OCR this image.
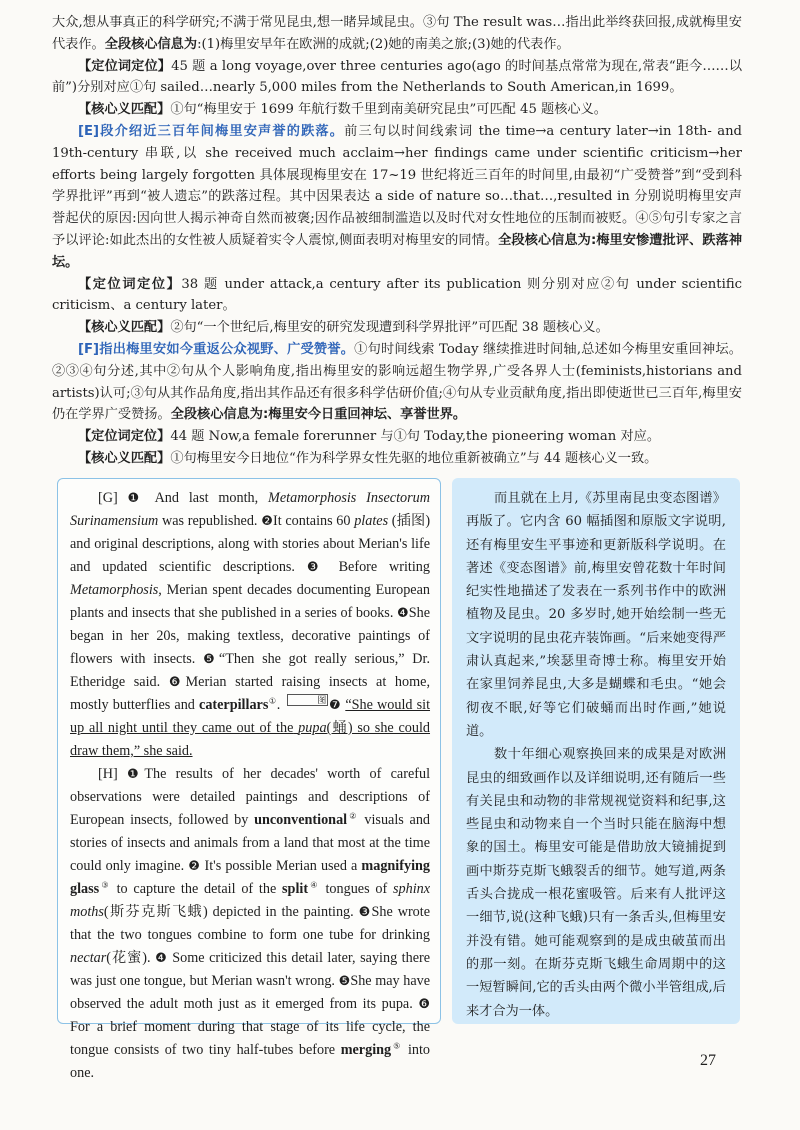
大众,想从事真正的科学研究;不满于常见昆虫,想一睹异域昆虫。③句 The result was…指出此举终获回报,成就梅里安代表作。全段核心信息为:(1)梅里安早年在欧洲的成就;(2)她的南美之旅;(3)她的代表作。

【定位词定位】45 题 a long voyage,over three centuries ago(ago 的时间基点常常为现在,常表“距今……以前”)分别对应①句 sailed…nearly 5,000 miles from the Netherlands to South American,in 1699。

【核心义匹配】①句“梅里安于 1699 年航行数千里到南美研究昆虫”可匹配 45 题核心义。

[E]段介绍近三百年间梅里安声誉的跌落。前三句以时间线索词 the time→a century later→in 18th- and 19th-century 串联,以 she received much acclaim→her findings came under scientific criticism→her efforts being largely forgotten 具体展现梅里安在 17~19 世纪将近三百年的时间里,由最初“广受赞誉”到“受到科学界批评”再到“被人遗忘”的跌落过程。其中因果表达 a side of nature so…that…,resulted in 分别说明梅里安声誉起伏的原因:因向世人揭示神奇自然而被褒;因作品被细制滥造以及时代对女性地位的压制而被贬。④⑤句引专家之言予以评论:如此杰出的女性被人质疑着实令人震惊,侧面表明对梅里安的同情。全段核心信息为:梅里安惨遭批评、跌落神坛。

【定位词定位】38 题 under attack,a century after its publication 则分别对应②句 under scientific criticism、a century later。

【核心义匹配】②句“一个世纪后,梅里安的研究发现遭到科学界批评”可匹配 38 题核心义。

[F]指出梅里安如今重返公众视野、广受赞誉。①句时间线索 Today 继续推进时间轴,总述如今梅里安重回神坛。②③④句分述,其中②句从个人影响角度,指出梅里安的影响远超生物学界,广受各界人士(feminists,historians and artists)认可;③句从其作品角度,指出其作品还有很多科学估研价值;④句从专业贡献角度,指出即使逝世已三百年,梅里安仍在学界广受赞扬。全段核心信息为:梅里安今日重回神坛、享誉世界。

【定位词定位】44 题 Now,a female forerunner 与①句 Today,the pioneering woman 对应。

【核心义匹配】①句梅里安今日地位“作为科学界女性先驱的地位重新被确立”与 44 题核心义一致。

[G] ❶ And last month, Metamorphosis Insectorum Surinamensium was republished. ❷It contains 60 plates (插图) and original descriptions, along with stories about Merian's life and updated scientific descriptions. ❸ Before writing Metamorphosis, Merian spent decades documenting European plants and insects that she published in a series of books. ❹She began in her 20s, making textless, decorative paintings of flowers with insects. ❺“Then she got really serious,” Dr. Etheridge said. ❻Merian started raising insects at home, mostly butterflies and caterpillars①.	图 ❼ “She would sit up all night until they came out of the pupa(蛹) so she could draw them,” she said.

[H] ❶The results of her decades' worth of careful observations were detailed paintings and descriptions of European insects, followed by unconventional② visuals and stories of insects and animals from a land that most at the time could only imagine. ❷ It's possible Merian used a magnifying glass③ to capture the detail of the split④ tongues of sphinx moths(斯芬克斯飞蛾) depicted in the painting. ❸She wrote that the two tongues combine to form one tube for drinking nectar(花蜜). ❹ Some criticized this detail later, saying there was just one tongue, but Merian wasn't wrong. ❺She may have observed the adult moth just as it emerged from its pupa. ❻ For a brief moment during that stage of its life cycle, the tongue consists of two tiny half-tubes before merging⑤ into one.

而且就在上月,《苏里南昆虫变态图谱》再版了。它内含 60 幅插图和原版文字说明,还有梅里安生平事迹和更新版科学说明。在著述《变态图谱》前,梅里安曾花数十年时间纪实性地描述了发表在一系列书作中的欧洲植物及昆虫。20 多岁时,她开始绘制一些无文字说明的昆虫花卉装饰画。“后来她变得严肃认真起来,”埃瑟里奇博士称。梅里安开始在家里饲养昆虫,大多是蝴蝶和毛虫。“她会彻夜不眠,好等它们破蛹而出时作画,”她说道。

数十年细心观察换回来的成果是对欧洲昆虫的细致画作以及详细说明,还有随后一些有关昆虫和动物的非常规视觉资料和纪事,这些昆虫和动物来自一个当时只能在脑海中想象的国土。梅里安可能是借助放大镜捕捉到画中斯芬克斯飞蛾裂舌的细节。她写道,两条舌头合拢成一根花蜜吸管。后来有人批评这一细节,说(这种飞蛾)只有一条舌头,但梅里安并没有错。她可能观察到的是成虫破茧而出的那一刻。在斯芬克斯飞蛾生命周期中的这一短暂瞬间,它的舌头由两个微小半管组成,后来才合为一体。

27
